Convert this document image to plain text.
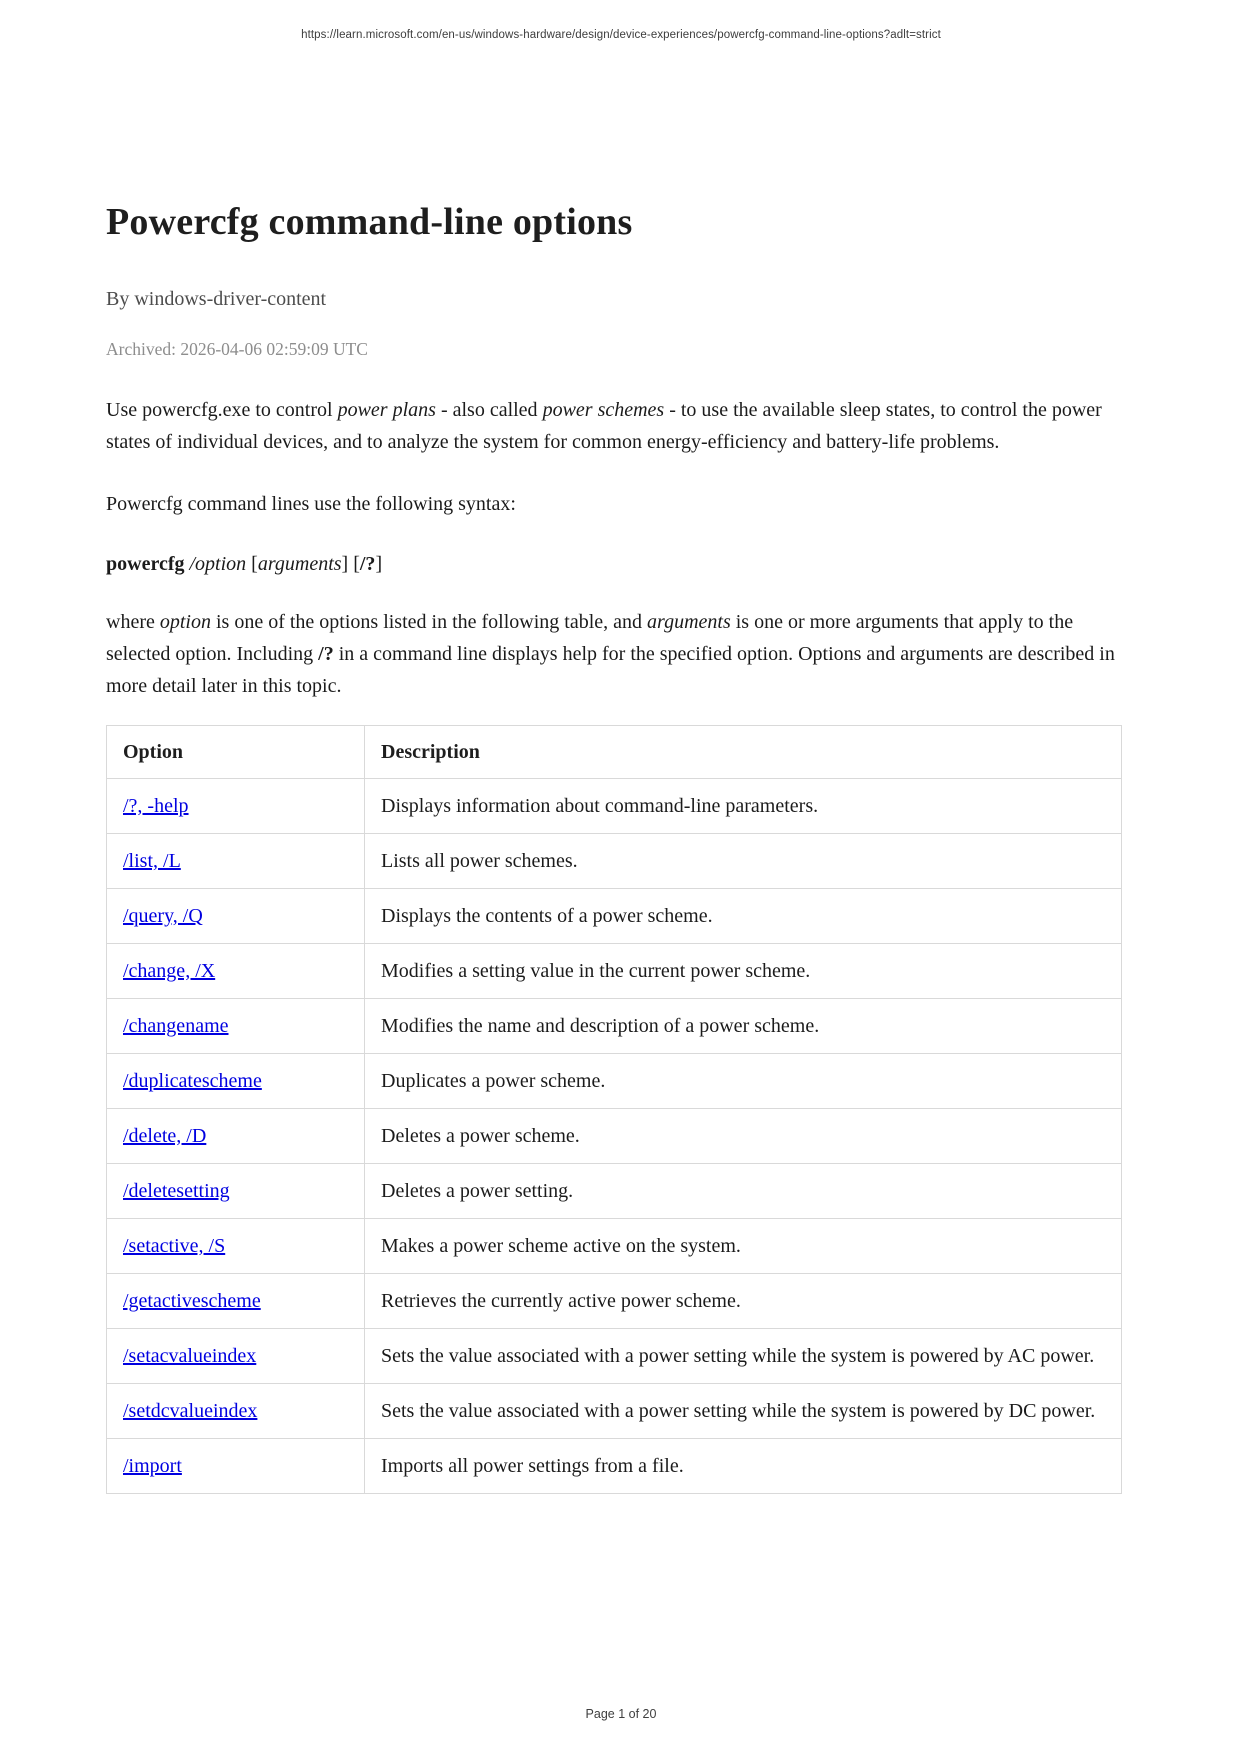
https://learn.microsoft.com/en-us/windows-hardware/design/device-experiences/powercfg-command-line-options?adlt=strict
Powercfg command-line options

By windows-driver-content

Archived: 2026-04-06 02:59:09 UTC

Use powercfg.exe to control power plans - also called power schemes - to use the available sleep states, to control the power states of individual devices, and to analyze the system for common energy-efficiency and battery-life problems.

Powercfg command lines use the following syntax:

powercfg /option [arguments] [/?]

where option is one of the options listed in the following table, and arguments is one or more arguments that apply to the selected option. Including /? in a command line displays help for the specified option. Options and arguments are described in more detail later in this topic.

Option	Description
/?, -help	Displays information about command-line parameters.
/list, /L	Lists all power schemes.
/query, /Q	Displays the contents of a power scheme.
/change, /X	Modifies a setting value in the current power scheme.
/changename	Modifies the name and description of a power scheme.
/duplicatescheme	Duplicates a power scheme.
/delete, /D	Deletes a power scheme.
/deletesetting	Deletes a power setting.
/setactive, /S	Makes a power scheme active on the system.
/getactivescheme	Retrieves the currently active power scheme.
/setacvalueindex	Sets the value associated with a power setting while the system is powered by AC power.
/setdcvalueindex	Sets the value associated with a power setting while the system is powered by DC power.
/import	Imports all power settings from a file.
Page 1 of 20
